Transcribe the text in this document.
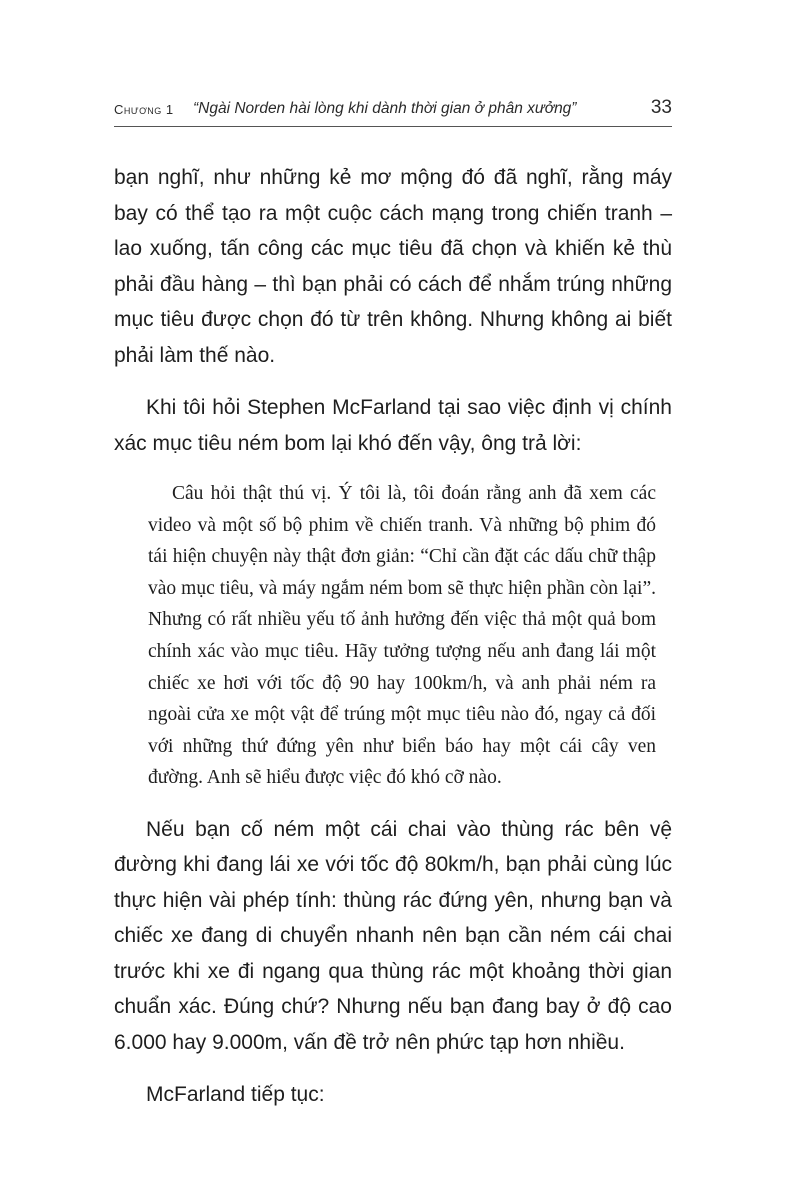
Chương 1 “Ngài Norden hài lòng khi dành thời gian ở phân xưởng”	33

bạn nghĩ, như những kẻ mơ mộng đó đã nghĩ, rằng máy bay có thể tạo ra một cuộc cách mạng trong chiến tranh – lao xuống, tấn công các mục tiêu đã chọn và khiến kẻ thù phải đầu hàng – thì bạn phải có cách để nhắm trúng những mục tiêu được chọn đó từ trên không. Nhưng không ai biết phải làm thế nào.

Khi tôi hỏi Stephen McFarland tại sao việc định vị chính xác mục tiêu ném bom lại khó đến vậy, ông trả lời:

Câu hỏi thật thú vị. Ý tôi là, tôi đoán rằng anh đã xem các video và một số bộ phim về chiến tranh. Và những bộ phim đó tái hiện chuyện này thật đơn giản: “Chỉ cần đặt các dấu chữ thập vào mục tiêu, và máy ngắm ném bom sẽ thực hiện phần còn lại”. Nhưng có rất nhiều yếu tố ảnh hưởng đến việc thả một quả bom chính xác vào mục tiêu. Hãy tưởng tượng nếu anh đang lái một chiếc xe hơi với tốc độ 90 hay 100km/h, và anh phải ném ra ngoài cửa xe một vật để trúng một mục tiêu nào đó, ngay cả đối với những thứ đứng yên như biển báo hay một cái cây ven đường. Anh sẽ hiểu được việc đó khó cỡ nào.

Nếu bạn cố ném một cái chai vào thùng rác bên vệ đường khi đang lái xe với tốc độ 80km/h, bạn phải cùng lúc thực hiện vài phép tính: thùng rác đứng yên, nhưng bạn và chiếc xe đang di chuyển nhanh nên bạn cần ném cái chai trước khi xe đi ngang qua thùng rác một khoảng thời gian chuẩn xác. Đúng chứ? Nhưng nếu bạn đang bay ở độ cao 6.000 hay 9.000m, vấn đề trở nên phức tạp hơn nhiều.

McFarland tiếp tục:
